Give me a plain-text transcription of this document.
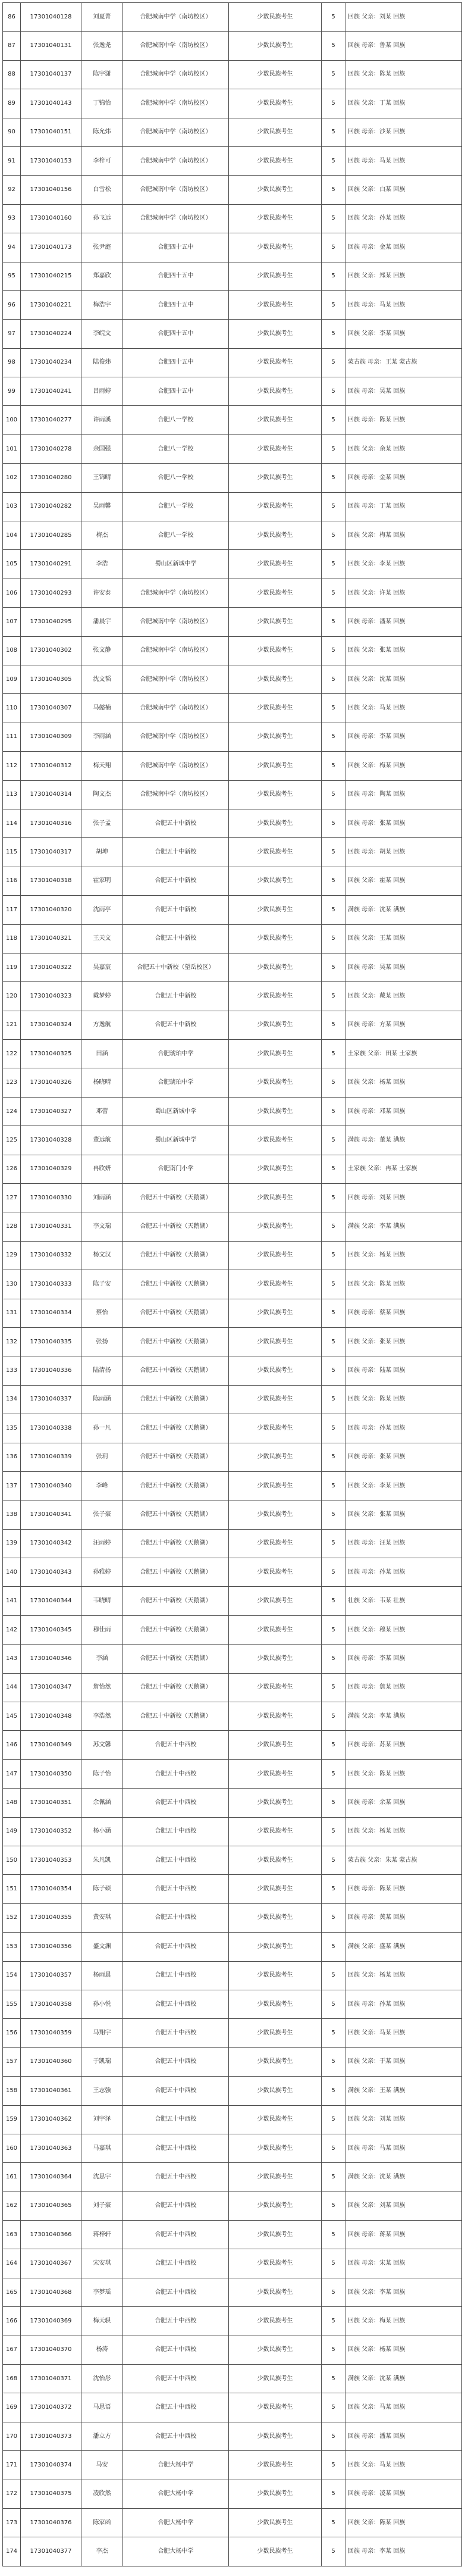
86	17301040128	刘夏菁	合肥城南中学（南坊校区）	少数民族考生	5	回族 父亲：刘某 回族
87	17301040131	张逸尧	合肥城南中学（南坊校区）	少数民族考生	5	回族 母亲：鲁某 回族
88	17301040137	陈宇潇	合肥城南中学（南坊校区）	少数民族考生	5	回族 父亲：陈某 回族
89	17301040143	丁锦怡	合肥城南中学（南坊校区）	少数民族考生	5	回族 父亲：丁某 回族
90	17301040151	陈允炜	合肥城南中学（南坊校区）	少数民族考生	5	回族 母亲：沙某 回族
91	17301040153	李梓可	合肥城南中学（南坊校区）	少数民族考生	5	回族 母亲：马某 回族
92	17301040156	白雪松	合肥城南中学（南坊校区）	少数民族考生	5	回族 父亲：白某 回族
93	17301040160	孙飞远	合肥城南中学（南坊校区）	少数民族考生	5	回族 父亲：孙某 回族
94	17301040173	张尹庭	合肥四十五中	少数民族考生	5	回族 母亲：金某 回族
95	17301040215	郑嘉欣	合肥四十五中	少数民族考生	5	回族 父亲：郑某 回族
96	17301040221	梅浩宇	合肥四十五中	少数民族考生	5	回族 母亲：马某 回族
97	17301040224	李皖文	合肥四十五中	少数民族考生	5	回族 父亲：李某 回族
98	17301040234	陆俊炜	合肥四十五中	少数民族考生	5	蒙古族 母亲：王某 蒙古族
99	17301040241	吕雨婷	合肥四十五中	少数民族考生	5	回族 母亲：吴某 回族
100	17301040277	许雨溪	合肥八一学校	少数民族考生	5	回族 母亲：陈某 回族
101	17301040278	余国强	合肥八一学校	少数民族考生	5	回族 父亲：余某 回族
102	17301040280	王锦晴	合肥八一学校	少数民族考生	5	回族 母亲：金某 回族
103	17301040282	吴雨馨	合肥八一学校	少数民族考生	5	回族 母亲：丁某 回族
104	17301040285	梅杰	合肥八一学校	少数民族考生	5	回族 父亲：梅某 回族
105	17301040291	李浩	蜀山区新城中学	少数民族考生	5	回族 父亲：李某 回族
106	17301040293	许安泰	合肥城南中学（南坊校区）	少数民族考生	5	回族 父亲：许某 回族
107	17301040295	潘晨宇	合肥城南中学（南坊校区）	少数民族考生	5	回族 母亲：潘某 回族
108	17301040302	张文静	合肥城南中学（南坊校区）	少数民族考生	5	回族 父亲：张某 回族
109	17301040305	沈文韬	合肥城南中学（南坊校区）	少数民族考生	5	回族 父亲：沈某 回族
110	17301040307	马懿楠	合肥城南中学（南坊校区）	少数民族考生	5	回族 父亲：马某 回族
111	17301040309	李雨涵	合肥城南中学（南坊校区）	少数民族考生	5	回族 母亲：李某 回族
112	17301040312	梅天翔	合肥城南中学（南坊校区）	少数民族考生	5	回族 父亲：梅某 回族
113	17301040314	陶文杰	合肥城南中学（南坊校区）	少数民族考生	5	回族 母亲：陶某 回族
114	17301040316	张子孟	合肥五十中新校	少数民族考生	5	回族 母亲：张某 回族
115	17301040317	胡坤	合肥五十中新校	少数民族考生	5	回族 母亲：胡某 回族
116	17301040318	霍家明	合肥五十中新校	少数民族考生	5	回族 父亲：霍某 回族
117	17301040320	沈雨亭	合肥五十中新校	少数民族考生	5	满族 母亲：沈某 满族
118	17301040321	王天文	合肥五十中新校	少数民族考生	5	回族 父亲：王某 回族
119	17301040322	吴嘉宸	合肥五十中新校（望岳校区）	少数民族考生	5	回族 母亲：吴某 回族
120	17301040323	戴梦婷	合肥五十中新校	少数民族考生	5	回族 父亲：戴某 回族
121	17301040324	方逸航	合肥五十中新校	少数民族考生	5	回族 母亲：方某 回族
122	17301040325	田涵	合肥琥珀中学	少数民族考生	5	土家族 父亲：田某 土家族
123	17301040326	杨晓晴	合肥琥珀中学	少数民族考生	5	回族 父亲：杨某 回族
124	17301040327	邓蕾	蜀山区新城中学	少数民族考生	5	回族 母亲：邓某 回族
125	17301040328	董远航	蜀山区新城中学	少数民族考生	5	满族 母亲：董某 满族
126	17301040329	冉欣妍	合肥南门小学	少数民族考生	5	土家族 父亲：冉某 土家族
127	17301040330	刘雨涵	合肥五十中新校（天鹅湖）	少数民族考生	5	回族 母亲：刘某 回族
128	17301040331	李文瑞	合肥五十中新校（天鹅湖）	少数民族考生	5	满族 父亲：李某 满族
129	17301040332	杨文汉	合肥五十中新校（天鹅湖）	少数民族考生	5	回族 父亲：杨某 回族
130	17301040333	陈子安	合肥五十中新校（天鹅湖）	少数民族考生	5	回族 父亲：陈某 回族
131	17301040334	蔡怡	合肥五十中新校（天鹅湖）	少数民族考生	5	回族 母亲：蔡某 回族
132	17301040335	张扬	合肥五十中新校（天鹅湖）	少数民族考生	5	回族 父亲：张某 回族
133	17301040336	陆清扬	合肥五十中新校（天鹅湖）	少数民族考生	5	回族 母亲：陆某 回族
134	17301040337	陈雨涵	合肥五十中新校（天鹅湖）	少数民族考生	5	回族 父亲：陈某 回族
135	17301040338	孙一凡	合肥五十中新校（天鹅湖）	少数民族考生	5	回族 母亲：孙某 回族
136	17301040339	张玥	合肥五十中新校（天鹅湖）	少数民族考生	5	回族 母亲：张某 回族
137	17301040340	李峰	合肥五十中新校（天鹅湖）	少数民族考生	5	回族 父亲：李某 回族
138	17301040341	张子豪	合肥五十中新校（天鹅湖）	少数民族考生	5	回族 父亲：张某 回族
139	17301040342	汪雨婷	合肥五十中新校（天鹅湖）	少数民族考生	5	回族 母亲：汪某 回族
140	17301040343	孙雅婷	合肥五十中新校（天鹅湖）	少数民族考生	5	回族 母亲：孙某 回族
141	17301040344	韦晓晴	合肥五十中新校（天鹅湖）	少数民族考生	5	壮族 父亲：韦某 壮族
142	17301040345	穆佳雨	合肥五十中新校（天鹅湖）	少数民族考生	5	回族 父亲：穆某 回族
143	17301040346	李涵	合肥五十中新校（天鹅湖）	少数民族考生	5	回族 母亲：李某 回族
144	17301040347	詹怡然	合肥五十中新校（天鹅湖）	少数民族考生	5	回族 母亲：詹某 回族
145	17301040348	李浩然	合肥五十中新校（天鹅湖）	少数民族考生	5	满族 父亲：李某 满族
146	17301040349	苏文馨	合肥五十中西校	少数民族考生	5	回族 母亲：苏某 回族
147	17301040350	陈子怡	合肥五十中西校	少数民族考生	5	回族 父亲：陈某 回族
148	17301040351	余佩涵	合肥五十中西校	少数民族考生	5	回族 母亲：余某 回族
149	17301040352	杨小涵	合肥五十中西校	少数民族考生	5	回族 父亲：杨某 回族
150	17301040353	朱凡凯	合肥五十中西校	少数民族考生	5	蒙古族 父亲：朱某 蒙古族
151	17301040354	陈子硕	合肥五十中西校	少数民族考生	5	回族 母亲：陈某 回族
152	17301040355	黄安琪	合肥五十中西校	少数民族考生	5	回族 母亲：黄某 回族
153	17301040356	盛文渊	合肥五十中西校	少数民族考生	5	满族 父亲：盛某 满族
154	17301040357	杨雨晨	合肥五十中西校	少数民族考生	5	回族 父亲：杨某 回族
155	17301040358	孙小悦	合肥五十中西校	少数民族考生	5	回族 母亲：孙某 回族
156	17301040359	马翔宇	合肥五十中西校	少数民族考生	5	回族 父亲：马某 回族
157	17301040360	于凯瑞	合肥五十中西校	少数民族考生	5	回族 父亲：于某 回族
158	17301040361	王志強	合肥五十中西校	少数民族考生	5	满族 父亲：王某 满族
159	17301040362	刘宇泽	合肥五十中西校	少数民族考生	5	回族 父亲：刘某 回族
160	17301040363	马嘉琪	合肥五十中西校	少数民族考生	5	回族 母亲：马某 回族
161	17301040364	沈思宇	合肥五十中西校	少数民族考生	5	满族 父亲：沈某 满族
162	17301040365	刘子豪	合肥五十中西校	少数民族考生	5	回族 父亲：刘某 回族
163	17301040366	蒋梓轩	合肥五十中西校	少数民族考生	5	回族 母亲：蒋某 回族
164	17301040367	宋安琪	合肥五十中西校	少数民族考生	5	回族 母亲：宋某 回族
165	17301040368	李梦瑶	合肥五十中西校	少数民族考生	5	回族 父亲：李某 回族
166	17301040369	梅天骐	合肥五十中西校	少数民族考生	5	回族 父亲：梅某 回族
167	17301040370	杨涛	合肥五十中西校	少数民族考生	5	回族 父亲：杨某 回族
168	17301040371	沈怡彤	合肥五十中西校	少数民族考生	5	满族 父亲：沈某 满族
169	17301040372	马思语	合肥五十中西校	少数民族考生	5	回族 父亲：马某 回族
170	17301040373	潘立方	合肥五十中西校	少数民族考生	5	回族 母亲：潘某 回族
171	17301040374	马安	合肥大杨中学	少数民族考生	5	回族 父亲：马某 回族
172	17301040375	凌欣然	合肥大杨中学	少数民族考生	5	回族 母亲：凌某 回族
173	17301040376	陈家函	合肥大杨中学	少数民族考生	5	回族 父亲：陈某 回族
174	17301040377	李杰	合肥大杨中学	少数民族考生	5	回族 母亲：李某 回族
